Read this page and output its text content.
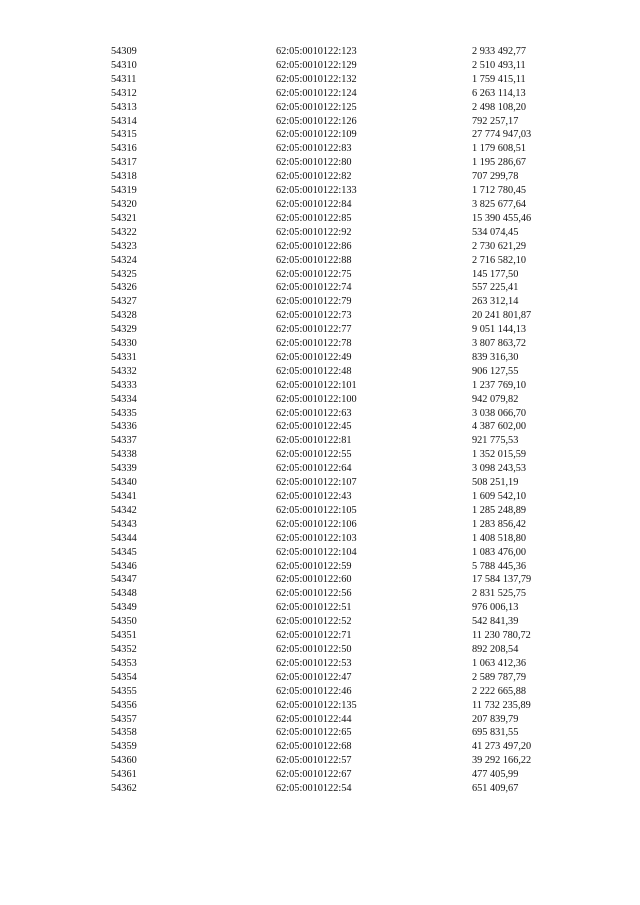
54309	62:05:0010122:123	2 933 492,77
54310	62:05:0010122:129	2 510 493,11
54311	62:05:0010122:132	1 759 415,11
54312	62:05:0010122:124	6 263 114,13
54313	62:05:0010122:125	2 498 108,20
54314	62:05:0010122:126	792 257,17
54315	62:05:0010122:109	27 774 947,03
54316	62:05:0010122:83	1 179 608,51
54317	62:05:0010122:80	1 195 286,67
54318	62:05:0010122:82	707 299,78
54319	62:05:0010122:133	1 712 780,45
54320	62:05:0010122:84	3 825 677,64
54321	62:05:0010122:85	15 390 455,46
54322	62:05:0010122:92	534 074,45
54323	62:05:0010122:86	2 730 621,29
54324	62:05:0010122:88	2 716 582,10
54325	62:05:0010122:75	145 177,50
54326	62:05:0010122:74	557 225,41
54327	62:05:0010122:79	263 312,14
54328	62:05:0010122:73	20 241 801,87
54329	62:05:0010122:77	9 051 144,13
54330	62:05:0010122:78	3 807 863,72
54331	62:05:0010122:49	839 316,30
54332	62:05:0010122:48	906 127,55
54333	62:05:0010122:101	1 237 769,10
54334	62:05:0010122:100	942 079,82
54335	62:05:0010122:63	3 038 066,70
54336	62:05:0010122:45	4 387 602,00
54337	62:05:0010122:81	921 775,53
54338	62:05:0010122:55	1 352 015,59
54339	62:05:0010122:64	3 098 243,53
54340	62:05:0010122:107	508 251,19
54341	62:05:0010122:43	1 609 542,10
54342	62:05:0010122:105	1 285 248,89
54343	62:05:0010122:106	1 283 856,42
54344	62:05:0010122:103	1 408 518,80
54345	62:05:0010122:104	1 083 476,00
54346	62:05:0010122:59	5 788 445,36
54347	62:05:0010122:60	17 584 137,79
54348	62:05:0010122:56	2 831 525,75
54349	62:05:0010122:51	976 006,13
54350	62:05:0010122:52	542 841,39
54351	62:05:0010122:71	11 230 780,72
54352	62:05:0010122:50	892 208,54
54353	62:05:0010122:53	1 063 412,36
54354	62:05:0010122:47	2 589 787,79
54355	62:05:0010122:46	2 222 665,88
54356	62:05:0010122:135	11 732 235,89
54357	62:05:0010122:44	207 839,79
54358	62:05:0010122:65	695 831,55
54359	62:05:0010122:68	41 273 497,20
54360	62:05:0010122:57	39 292 166,22
54361	62:05:0010122:67	477 405,99
54362	62:05:0010122:54	651 409,67
